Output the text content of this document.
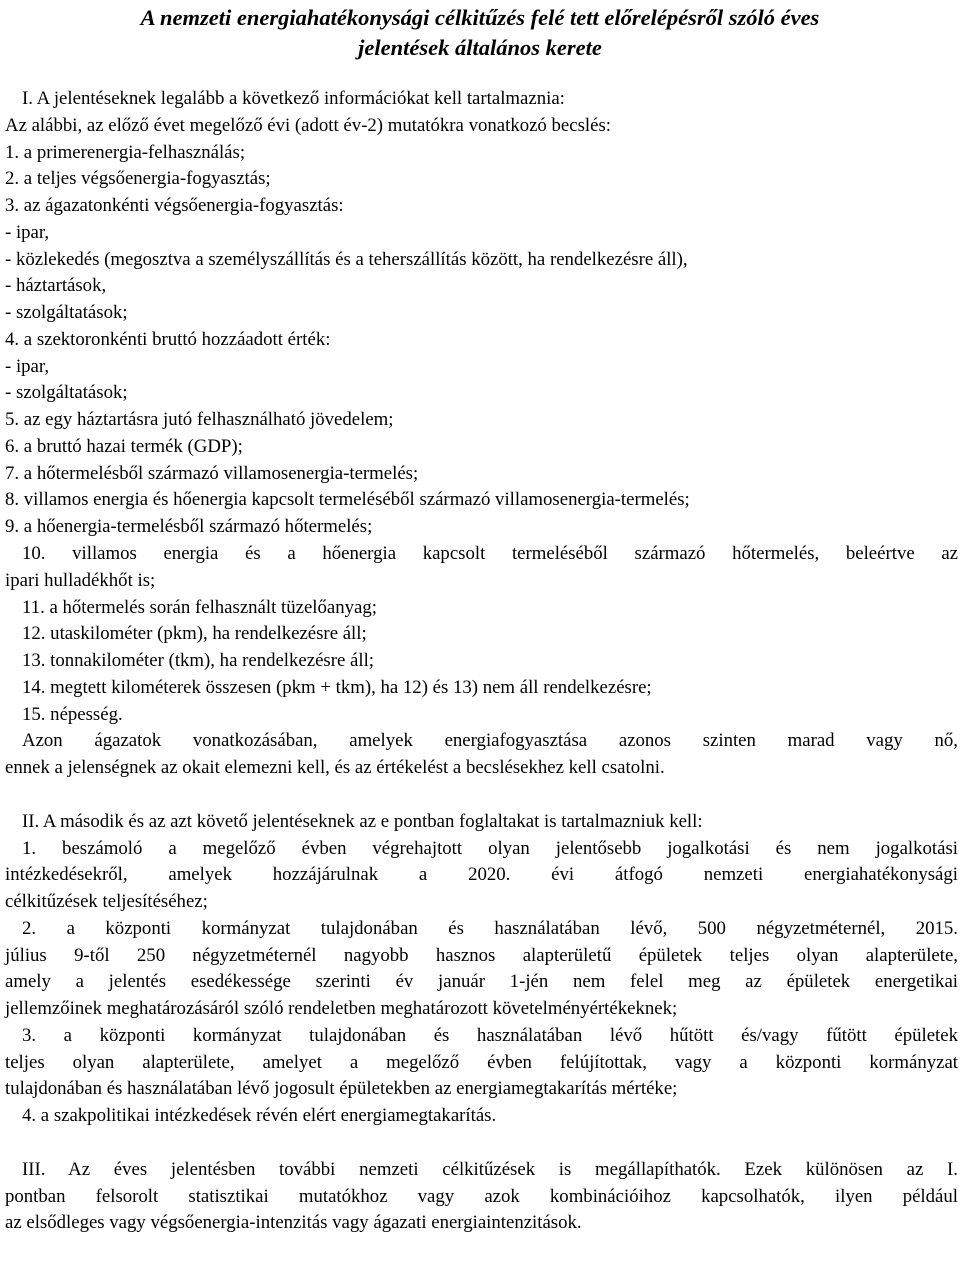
A nemzeti energiahatékonysági célkitűzés felé tett előrelépésről szóló éves
jelentések általános kerete
I. A jelentéseknek legalább a következő információkat kell tartalmaznia:
Az alábbi, az előző évet megelőző évi (adott év-2) mutatókra vonatkozó becslés:
1. a primerenergia-felhasználás;
2. a teljes végsőenergia-fogyasztás;
3. az ágazatonkénti végsőenergia-fogyasztás:
- ipar,
- közlekedés (megosztva a személyszállítás és a teherszállítás között, ha rendelkezésre áll),
- háztartások,
- szolgáltatások;
4. a szektoronkénti bruttó hozzáadott érték:
- ipar,
- szolgáltatások;
5. az egy háztartásra jutó felhasználható jövedelem;
6. a bruttó hazai termék (GDP);
7. a hőtermelésből származó villamosenergia-termelés;
8. villamos energia és hőenergia kapcsolt termeléséből származó villamosenergia-termelés;
9. a hőenergia-termelésből származó hőtermelés;
10. villamos energia és a hőenergia kapcsolt termeléséből származó hőtermelés, beleértve az
ipari hulladékhőt is;
11. a hőtermelés során felhasznált tüzelőanyag;
12. utaskilométer (pkm), ha rendelkezésre áll;
13. tonnakilométer (tkm), ha rendelkezésre áll;
14. megtett kilométerek összesen (pkm + tkm), ha 12) és 13) nem áll rendelkezésre;
15. népesség.
Azon ágazatok vonatkozásában, amelyek energiafogyasztása azonos szinten marad vagy nő,
ennek a jelenségnek az okait elemezni kell, és az értékelést a becslésekhez kell csatolni.
II. A második és az azt követő jelentéseknek az e pontban foglaltakat is tartalmazniuk kell:
1. beszámoló a megelőző évben végrehajtott olyan jelentősebb jogalkotási és nem jogalkotási
intézkedésekről, amelyek hozzájárulnak a 2020. évi átfogó nemzeti energiahatékonysági
célkitűzések teljesítéséhez;
2. a központi kormányzat tulajdonában és használatában lévő, 500 négyzetméternél, 2015.
július 9-től 250 négyzetméternél nagyobb hasznos alapterületű épületek teljes olyan alapterülete,
amely a jelentés esedékessége szerinti év január 1-jén nem felel meg az épületek energetikai
jellemzőinek meghatározásáról szóló rendeletben meghatározott követelményértékeknek;
3. a központi kormányzat tulajdonában és használatában lévő hűtött és/vagy fűtött épületek
teljes olyan alapterülete, amelyet a megelőző évben felújítottak, vagy a központi kormányzat
tulajdonában és használatában lévő jogosult épületekben az energiamegtakarítás mértéke;
4. a szakpolitikai intézkedések révén elért energiamegtakarítás.
III. Az éves jelentésben további nemzeti célkitűzések is megállapíthatók. Ezek különösen az I.
pontban felsorolt statisztikai mutatókhoz vagy azok kombinációihoz kapcsolhatók, ilyen például
az elsődleges vagy végsőenergia-intenzitás vagy ágazati energiaintenzitások.
